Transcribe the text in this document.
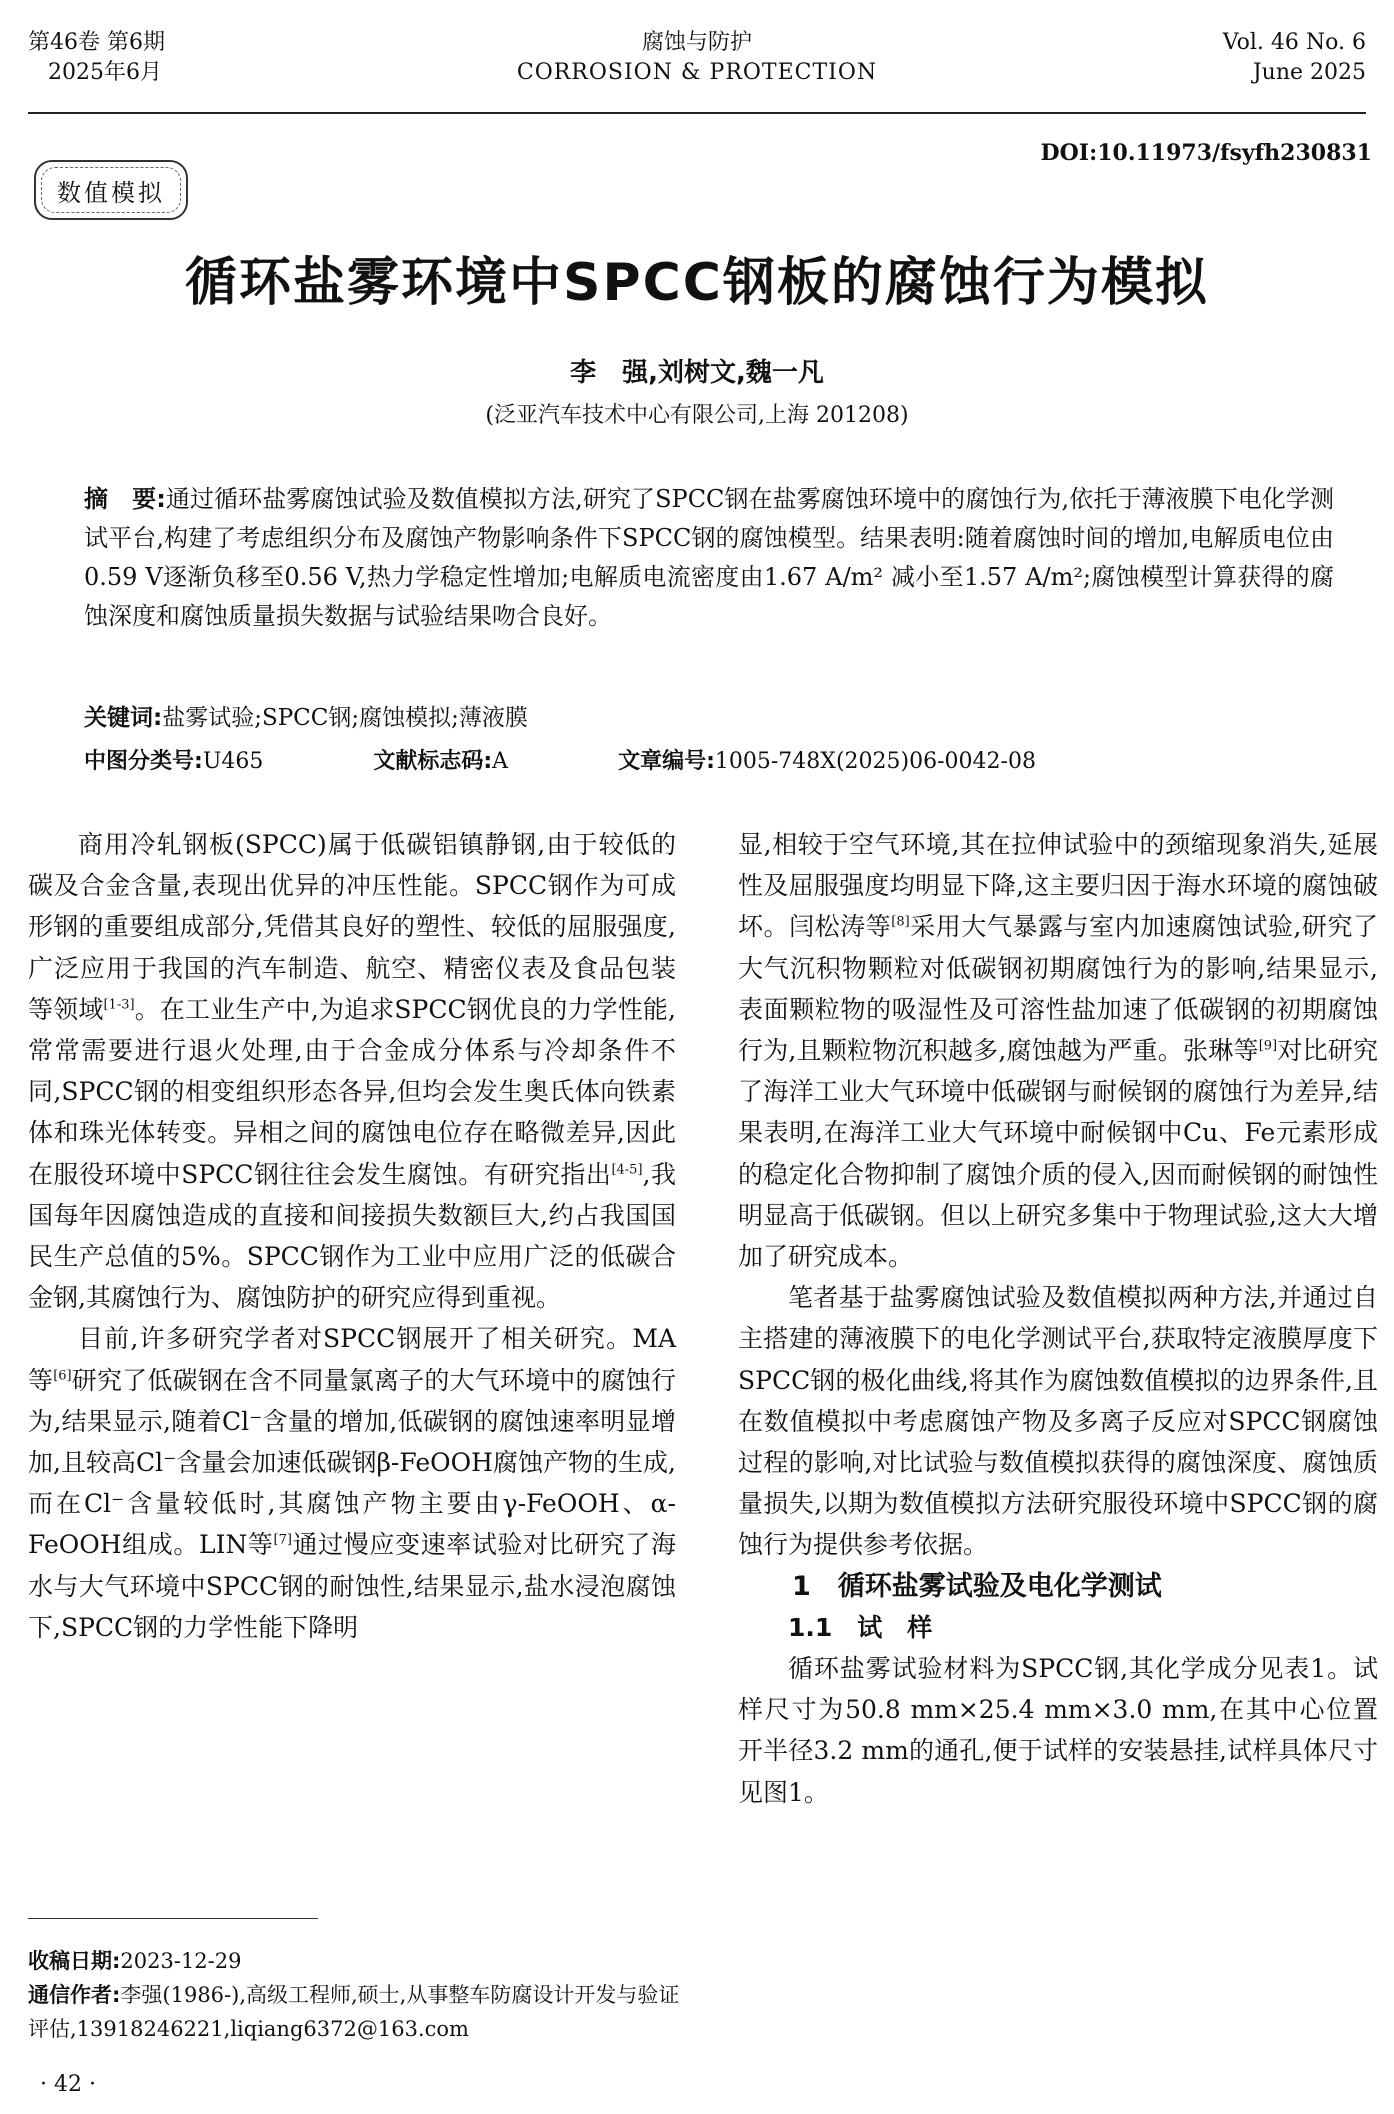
第46卷 第6期
2025年6月
腐蚀与防护
CORROSION & PROTECTION
Vol. 46 No. 6
June 2025
数值模拟
DOI:10.11973/fsyfh230831
循环盐雾环境中SPCC钢板的腐蚀行为模拟
李　强,刘树文,魏一凡
(泛亚汽车技术中心有限公司,上海 201208)
摘　要:通过循环盐雾腐蚀试验及数值模拟方法,研究了SPCC钢在盐雾腐蚀环境中的腐蚀行为,依托于薄液膜下电化学测试平台,构建了考虑组织分布及腐蚀产物影响条件下SPCC钢的腐蚀模型。结果表明:随着腐蚀时间的增加,电解质电位由0.59 V逐渐负移至0.56 V,热力学稳定性增加;电解质电流密度由1.67 A/m² 减小至1.57 A/m²;腐蚀模型计算获得的腐蚀深度和腐蚀质量损失数据与试验结果吻合良好。
关键词:盐雾试验;SPCC钢;腐蚀模拟;薄液膜
中图分类号:U465	文献标志码:A	文章编号:1005-748X(2025)06-0042-08

商用冷轧钢板(SPCC)属于低碳铝镇静钢,由于较低的碳及合金含量,表现出优异的冲压性能。SPCC钢作为可成形钢的重要组成部分,凭借其良好的塑性、较低的屈服强度,广泛应用于我国的汽车制造、航空、精密仪表及食品包装等领域[1-3]。在工业生产中,为追求SPCC钢优良的力学性能,常常需要进行退火处理,由于合金成分体系与冷却条件不同,SPCC钢的相变组织形态各异,但均会发生奥氏体向铁素体和珠光体转变。异相之间的腐蚀电位存在略微差异,因此在服役环境中SPCC钢往往会发生腐蚀。有研究指出[4-5],我国每年因腐蚀造成的直接和间接损失数额巨大,约占我国国民生产总值的5%。SPCC钢作为工业中应用广泛的低碳合金钢,其腐蚀行为、腐蚀防护的研究应得到重视。

目前,许多研究学者对SPCC钢展开了相关研究。MA等[6]研究了低碳钢在含不同量氯离子的大气环境中的腐蚀行为,结果显示,随着Cl⁻含量的增加,低碳钢的腐蚀速率明显增加,且较高Cl⁻含量会加速低碳钢β-FeOOH腐蚀产物的生成,而在Cl⁻含量较低时,其腐蚀产物主要由γ-FeOOH、α-FeOOH组成。LIN等[7]通过慢应变速率试验对比研究了海水与大气环境中SPCC钢的耐蚀性,结果显示,盐水浸泡腐蚀下,SPCC钢的力学性能下降明

显,相较于空气环境,其在拉伸试验中的颈缩现象消失,延展性及屈服强度均明显下降,这主要归因于海水环境的腐蚀破坏。闫松涛等[8]采用大气暴露与室内加速腐蚀试验,研究了大气沉积物颗粒对低碳钢初期腐蚀行为的影响,结果显示,表面颗粒物的吸湿性及可溶性盐加速了低碳钢的初期腐蚀行为,且颗粒物沉积越多,腐蚀越为严重。张琳等[9]对比研究了海洋工业大气环境中低碳钢与耐候钢的腐蚀行为差异,结果表明,在海洋工业大气环境中耐候钢中Cu、Fe元素形成的稳定化合物抑制了腐蚀介质的侵入,因而耐候钢的耐蚀性明显高于低碳钢。但以上研究多集中于物理试验,这大大增加了研究成本。

笔者基于盐雾腐蚀试验及数值模拟两种方法,并通过自主搭建的薄液膜下的电化学测试平台,获取特定液膜厚度下SPCC钢的极化曲线,将其作为腐蚀数值模拟的边界条件,且在数值模拟中考虑腐蚀产物及多离子反应对SPCC钢腐蚀过程的影响,对比试验与数值模拟获得的腐蚀深度、腐蚀质量损失,以期为数值模拟方法研究服役环境中SPCC钢的腐蚀行为提供参考依据。

1　循环盐雾试验及电化学测试

1.1　试　样

循环盐雾试验材料为SPCC钢,其化学成分见表1。试样尺寸为50.8 mm×25.4 mm×3.0 mm,在其中心位置开半径3.2 mm的通孔,便于试样的安装悬挂,试样具体尺寸见图1。

收稿日期:2023-12-29
通信作者:李强(1986-),高级工程师,硕士,从事整车防腐设计开发与验证评估,13918246221,liqiang6372@163.com
· 42 ·
